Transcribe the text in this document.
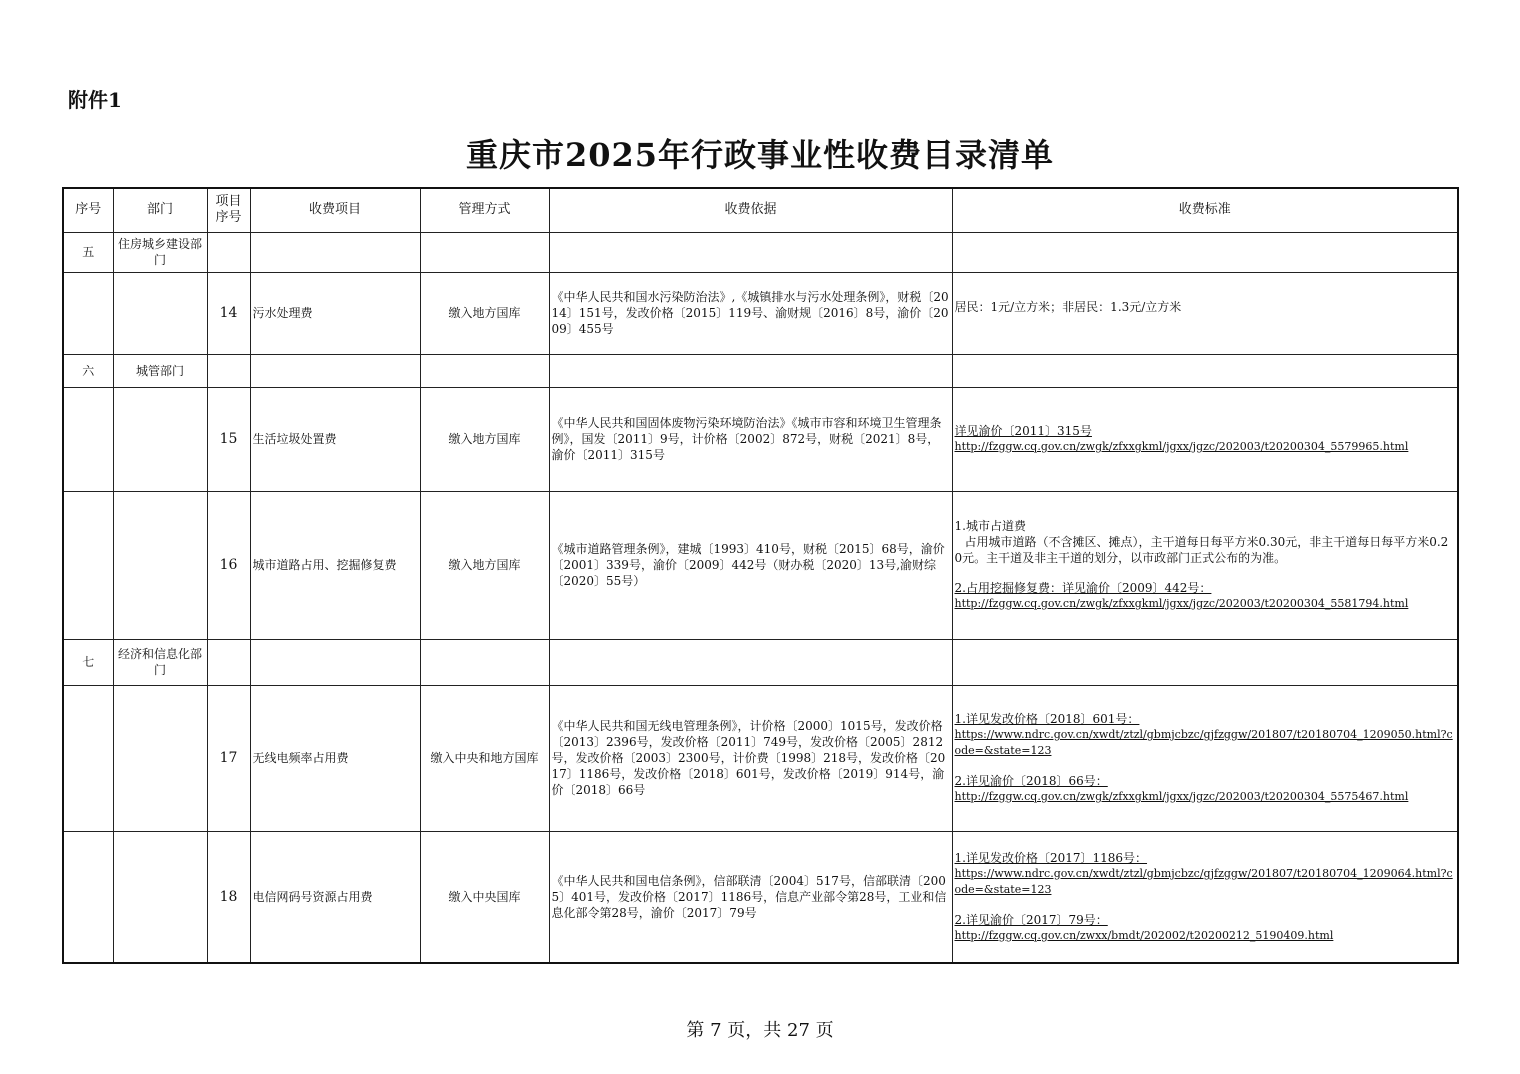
附件1
重庆市2025年行政事业性收费目录清单
序号	部门	项目序号	收费项目	管理方式	收费依据	收费标准
五	住房城乡建设部门					
		14	污水处理费	缴入地方国库	《中华人民共和国水污染防治法》,《城镇排水与污水处理条例》，财税〔2014〕151号，发改价格〔2015〕119号、渝财规〔2016〕8号，渝价〔2009〕455号	居民：1元/立方米；非居民：1.3元/立方米
六	城管部门					
		15	生活垃圾处置费	缴入地方国库	《中华人民共和国固体废物污染环境防治法》《城市市容和环境卫生管理条例》，国发〔2011〕9号，计价格〔2002〕872号，财税〔2021〕8号，渝价〔2011〕315号	详见渝价〔2011〕315号
http://fzggw.cq.gov.cn/zwgk/zfxxgkml/jgxx/jgzc/202003/t20200304_5579965.html

		16	城市道路占用、挖掘修复费	缴入地方国库	《城市道路管理条例》，建城〔1993〕410号，财税〔2015〕68号，渝价〔2001〕339号，渝价〔2009〕442号（财办税〔2020〕13号,渝财综〔2020〕55号）	1.城市占道费
占用城市道路（不含摊区、摊点），主干道每日每平方米0.30元，非主干道每日每平方米0.20元。主干道及非主干道的划分，以市政部门正式公布的为准。
2.占用挖掘修复费：详见渝价〔2009〕442号：
http://fzggw.cq.gov.cn/zwgk/zfxxgkml/jgxx/jgzc/202003/t20200304_5581794.html

七	经济和信息化部门					
		17	无线电频率占用费	缴入中央和地方国库	《中华人民共和国无线电管理条例》，计价格〔2000〕1015号，发改价格〔2013〕2396号，发改价格〔2011〕749号，发改价格〔2005〕2812号，发改价格〔2003〕2300号，计价费〔1998〕218号，发改价格〔2017〕1186号，发改价格〔2018〕601号，发改价格〔2019〕914号，渝价〔2018〕66号	1.详见发改价格〔2018〕601号：
https://www.ndrc.gov.cn/xwdt/ztzl/gbmjcbzc/gjfzggw/201807/t20180704_1209050.html?code=&state=123
2.详见渝价〔2018〕66号：
http://fzggw.cq.gov.cn/zwgk/zfxxgkml/jgxx/jgzc/202003/t20200304_5575467.html

		18	电信网码号资源占用费	缴入中央国库	《中华人民共和国电信条例》，信部联清〔2004〕517号，信部联清〔2005〕401号，发改价格〔2017〕1186号，信息产业部令第28号，工业和信息化部令第28号，渝价〔2017〕79号	1.详见发改价格〔2017〕1186号：
https://www.ndrc.gov.cn/xwdt/ztzl/gbmjcbzc/gjfzggw/201807/t20180704_1209064.html?code=&state=123
2.详见渝价〔2017〕79号：
http://fzggw.cq.gov.cn/zwxx/bmdt/202002/t20200212_5190409.html
第 7 页，共 27 页
